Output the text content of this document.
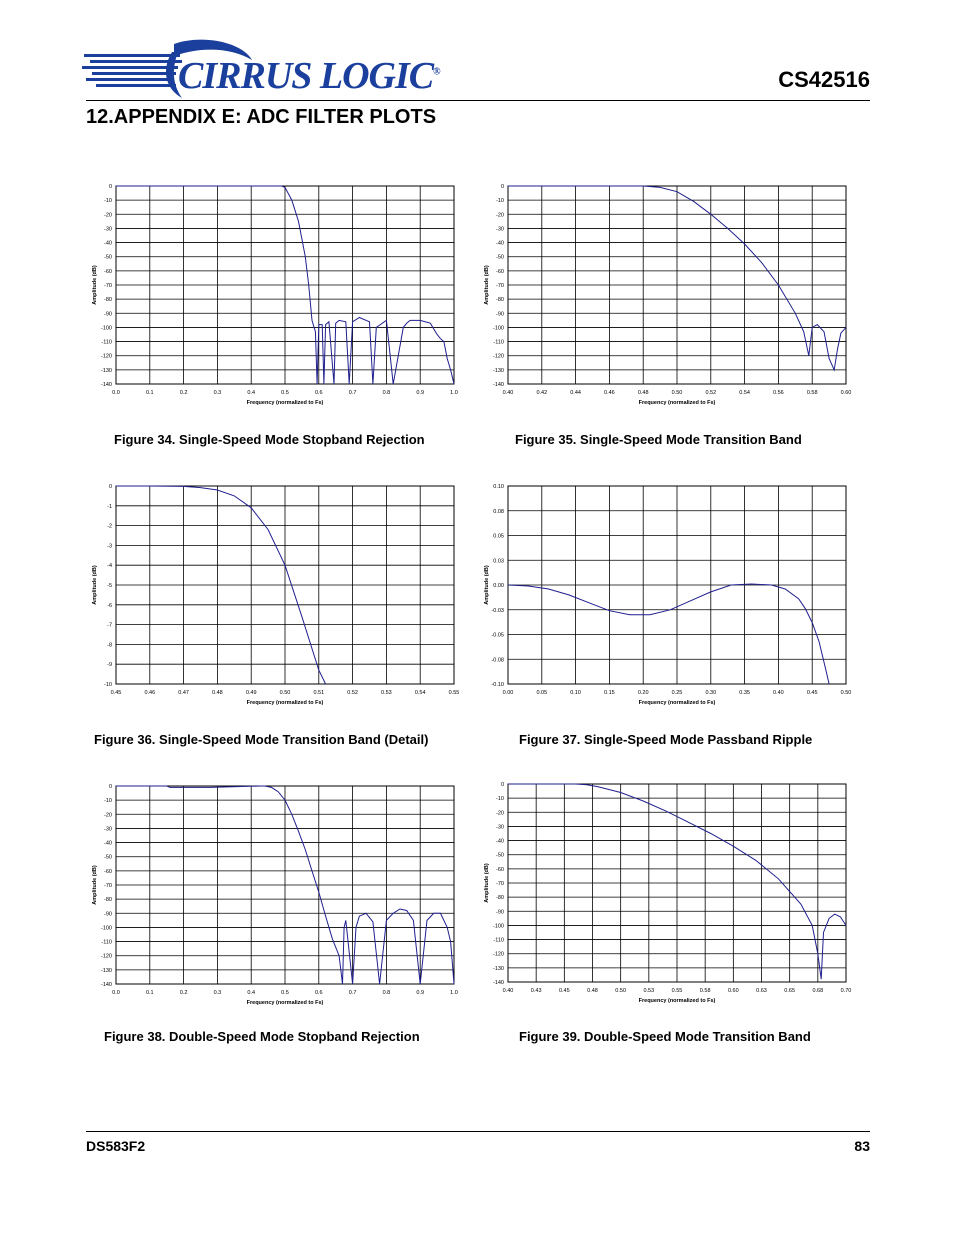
CIRRUS LOGIC®	CS42516
12.APPENDIX E: ADC FILTER PLOTS
0.0	0.1	0.2	0.3	0.4	0.5	0.6	0.7	0.8	0.9	1.0
0
-10
-20
-30
-40
-50
-60
-70
-80
-90
-100
-110
-120
-130
-140
Frequency (normalized to Fs)
Amplitude (dB)
0.40	0.42	0.44	0.46	0.48	0.50	0.52	0.54	0.56	0.58	0.60
0
-10
-20
-30
-40
-50
-60
-70
-80
-90
-100
-110
-120
-130
-140
Frequency (normalized to Fs)
Amplitude (dB)
Figure 34. Single-Speed Mode Stopband Rejection	Figure 35. Single-Speed Mode Transition Band
0.45	0.46	0.47	0.48	0.49	0.50	0.51	0.52	0.53	0.54	0.55
0
-1
-2
-3
-4
-5
-6
-7
-8
-9
-10
Frequency (normalized to Fs)
Amplitude (dB)
0.00	0.05	0.10	0.15	0.20	0.25	0.30	0.35	0.40	0.45	0.50
0.10
0.08
0.05
0.03
0.00
-0.03
-0.05
-0.08
-0.10
Frequency (normalized to Fs)
Amplitude (dB)
Figure 36. Single-Speed Mode Transition Band (Detail)	Figure 37. Single-Speed Mode Passband Ripple
0.0	0.1	0.2	0.3	0.4	0.5	0.6	0.7	0.8	0.9	1.0
0
-10
-20
-30
-40
-50
-60
-70
-80
-90
-100
-110
-120
-130
-140
Frequency (normalized to Fs)
Amplitude (dB)
0.40	0.43	0.45	0.48	0.50	0.53	0.55	0.58	0.60	0.63	0.65	0.68	0.70
0
-10
-20
-30
-40
-50
-60
-70
-80
-90
-100
-110
-120
-130
-140
Frequency (normalized to Fs)
Amplitude (dB)
Figure 38. Double-Speed Mode Stopband Rejection	Figure 39. Double-Speed Mode Transition Band
DS583F2	83
